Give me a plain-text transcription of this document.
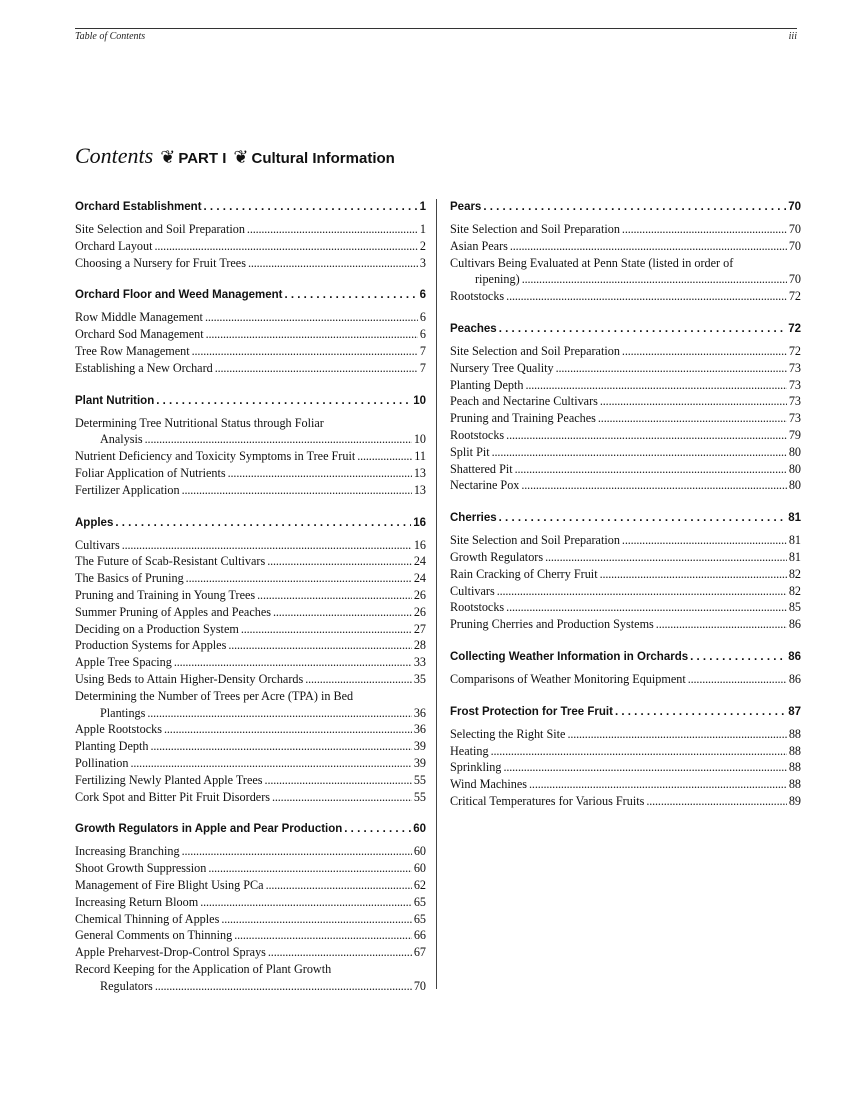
Table of Contents	iii
Contents ❦ PART I ❦ Cultural Information
Orchard Establishment . . .	1
Site Selection and Soil Preparation . . .	1
Orchard Layout . . .	2
Choosing a Nursery for Fruit Trees . . .	3
Orchard Floor and Weed Management . . .	6
Row Middle Management . . .	6
Orchard Sod Management . . .	6
Tree Row Management . . .	7
Establishing a New Orchard . . .	7
Plant Nutrition . . .	10
Determining Tree Nutritional Status through Foliar
Analysis . . .	10
Nutrient Deficiency and Toxicity Symptoms in Tree Fruit . . .	11
Foliar Application of Nutrients . . .	13
Fertilizer Application . . .	13
Apples . . .	16
Cultivars . . .	16
The Future of Scab-Resistant Cultivars . . .	24
The Basics of Pruning . . .	24
Pruning and Training in Young Trees . . .	26
Summer Pruning of Apples and Peaches . . .	26
Deciding on a Production System . . .	27
Production Systems for Apples . . .	28
Apple Tree Spacing . . .	33
Using Beds to Attain Higher-Density Orchards . . .	35
Determining the Number of Trees per Acre (TPA) in Bed
Plantings . . .	36
Apple Rootstocks . . .	36
Planting Depth . . .	39
Pollination . . .	39
Fertilizing Newly Planted Apple Trees . . .	55
Cork Spot and Bitter Pit Fruit Disorders . . .	55
Growth Regulators in Apple and Pear Production . . .	60
Increasing Branching . . .	60
Shoot Growth Suppression . . .	60
Management of Fire Blight Using PCa . . .	62
Increasing Return Bloom . . .	65
Chemical Thinning of Apples . . .	65
General Comments on Thinning . . .	66
Apple Preharvest-Drop-Control Sprays . . .	67
Record Keeping for the Application of Plant Growth
Regulators . . .	70
Pears . . .	70
Site Selection and Soil Preparation . . .	70
Asian Pears . . .	70
Cultivars Being Evaluated at Penn State (listed in order of
ripening) . . .	70
Rootstocks . . .	72
Peaches . . .	72
Site Selection and Soil Preparation . . .	72
Nursery Tree Quality . . .	73
Planting Depth . . .	73
Peach and Nectarine Cultivars . . .	73
Pruning and Training Peaches . . .	73
Rootstocks . . .	79
Split Pit . . .	80
Shattered Pit . . .	80
Nectarine Pox . . .	80
Cherries . . .	81
Site Selection and Soil Preparation . . .	81
Growth Regulators . . .	81
Rain Cracking of Cherry Fruit . . .	82
Cultivars . . .	82
Rootstocks . . .	85
Pruning Cherries and Production Systems . . .	86
Collecting Weather Information in Orchards . . .	86
Comparisons of Weather Monitoring Equipment . . .	86
Frost Protection for Tree Fruit . . .	87
Selecting the Right Site . . .	88
Heating . . .	88
Sprinkling . . .	88
Wind Machines . . .	88
Critical Temperatures for Various Fruits . . .	89
